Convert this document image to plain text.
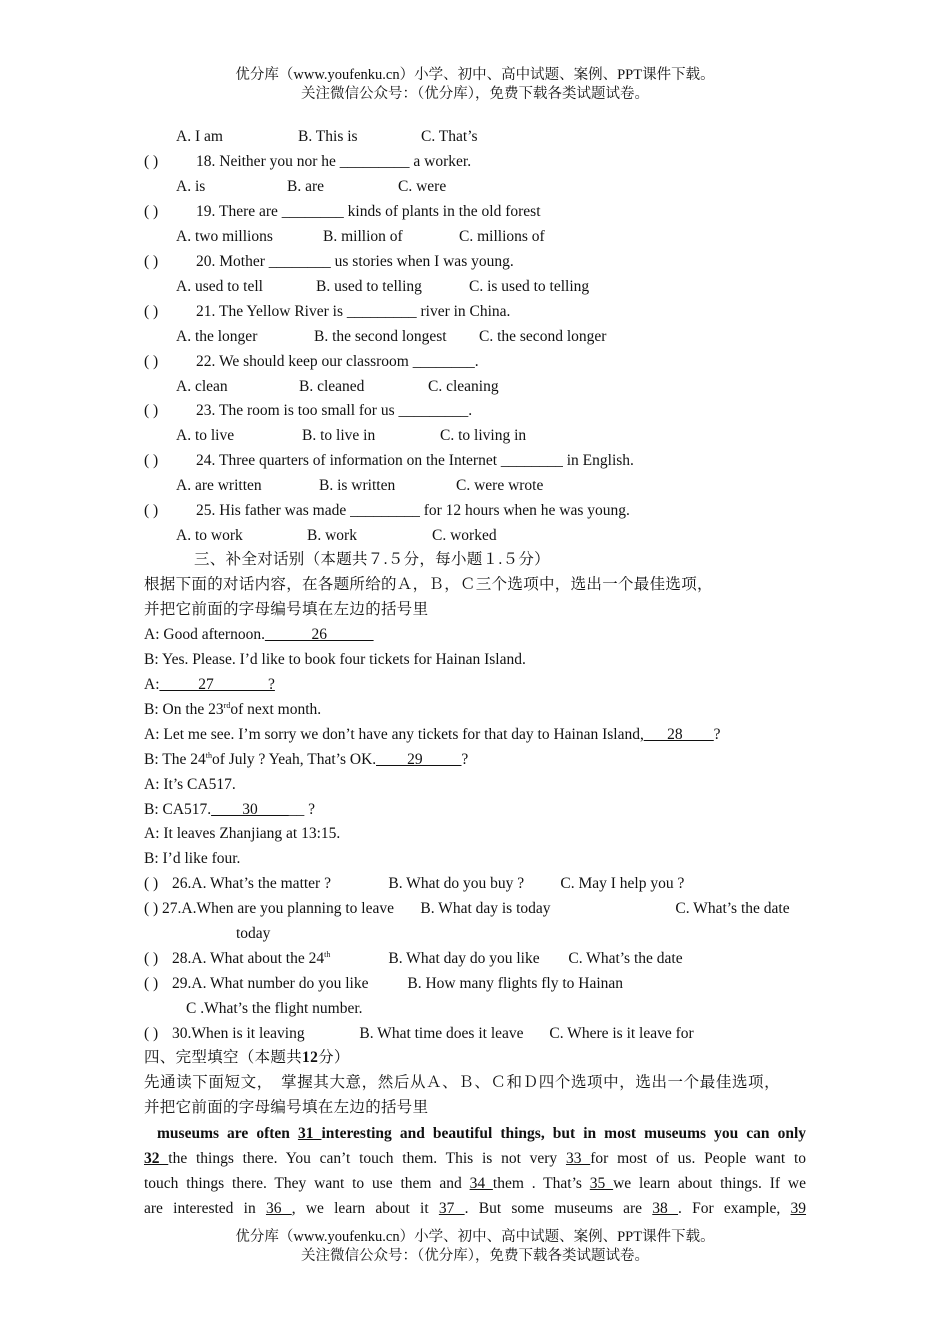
优分库（www.youfenku.cn）小学、初中、高中试题、案例、PPT课件下载。
关注微信公众号：（优分库），免费下载各类试题试卷。
A. I am	B. This is	C. That’s
( ) 18. Neither you nor he _________ a worker.
A. is	B. are	C. were
( ) 19. There are ________ kinds of plants in the old forest
A. two millions	B. million of	C. millions of
( ) 20. Mother ________ us stories when I was young.
A. used to tell	B. used to telling	C. is used to telling
( ) 21. The Yellow River is _________ river in China.
A. the longer	B. the second longest C. the second longer
( ) 22. We should keep our classroom ________.
A. clean	B. cleaned	C. cleaning
( ) 23. The room is too small for us _________.
A. to live	B. to live in	C. to living in
( ) 24. Three quarters of information on the Internet ________ in English.
A. are written	B. is written	C. were wrote
( ) 25. His father was made _________ for 12 hours when he was young.
A. to work	B. work	C. worked
三、补全对话别（本题共７.５分，每小题１.５分）
根据下面的对话内容，在各题所给的Ａ，Ｂ，Ｃ三个选项中，选出一个最佳选项，
并把它前面的字母编号填在左边的括号里
A: Good afternoon.______26______
B: Yes. Please. I’d like to book four tickets for Hainan Island.
A:_____27_______?
B: On the 23rdof next month.
A: Let me see. I’m sorry we don’t have any tickets for that day to Hainan Island,___28____?
B: The 24thof July ? Yeah, That’s OK.____29_____?
A: It’s CA517.
B: CA517.____30______ ?
A: It leaves Zhanjiang at 13:15.
B: I’d like four.
( ) 26.A. What’s the matter ?	B. What do you buy ? C. May I help you ?
( ) 27.A.When are you planning to leave B. What day is today	C. What’s the date
today
( ) 28.A. What about the 24th	B. What day do you like C. What’s the date
( ) 29.A. What number do you like	B. How many flights fly to Hainan
C .What’s the flight number.
( ) 30.When is it leaving	B. What time does it leave C. Where is it leave for
四、完型填空（本题共12分）
先通读下面短文，　掌握其大意，然后从Ａ、Ｂ、Ｃ和Ｄ四个选项中，选出一个最佳选项，
并把它前面的字母编号填在左边的括号里
museums are often 31 interesting and beautiful things, but in most museums you can only
32 the things there. You can’t touch them. This is not very 33 for most of us. People want to
touch things there. They want to use them and 34 them . That’s 35 we learn about things. If we
are interested in 36 , we learn about it 37 . But some museums are 38 . For example, 39
优分库（www.youfenku.cn）小学、初中、高中试题、案例、PPT课件下载。
关注微信公众号：（优分库），免费下载各类试题试卷。
